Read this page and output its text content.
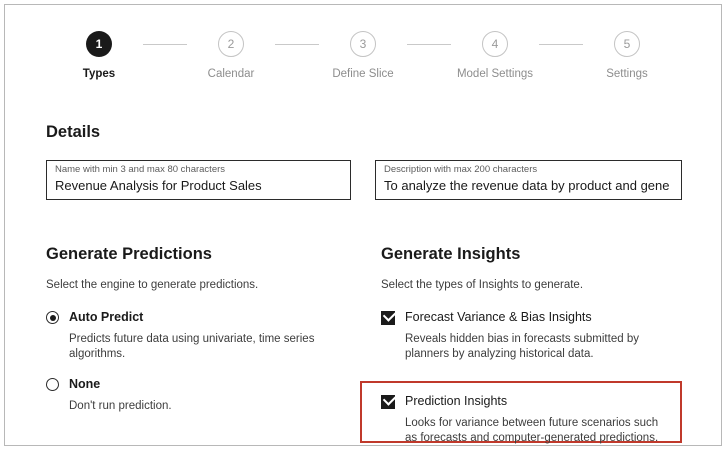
1
Types
2
Calendar
3
Define Slice
4
Model Settings
5
Settings
Details
Name with min 3 and max 80 characters
Revenue Analysis for Product Sales	Description with max 200 characters
To analyze the revenue data by product and gene
Generate Predictions
Select the engine to generate predictions.
Auto Predict
Predicts future data using univariate, time series algorithms.
None
Don't run prediction.
Generate Insights
Select the types of Insights to generate.
Forecast Variance & Bias Insights
Reveals hidden bias in forecasts submitted by planners by analyzing historical data.
Prediction Insights
Looks for variance between future scenarios such as forecasts and computer-generated predictions.
